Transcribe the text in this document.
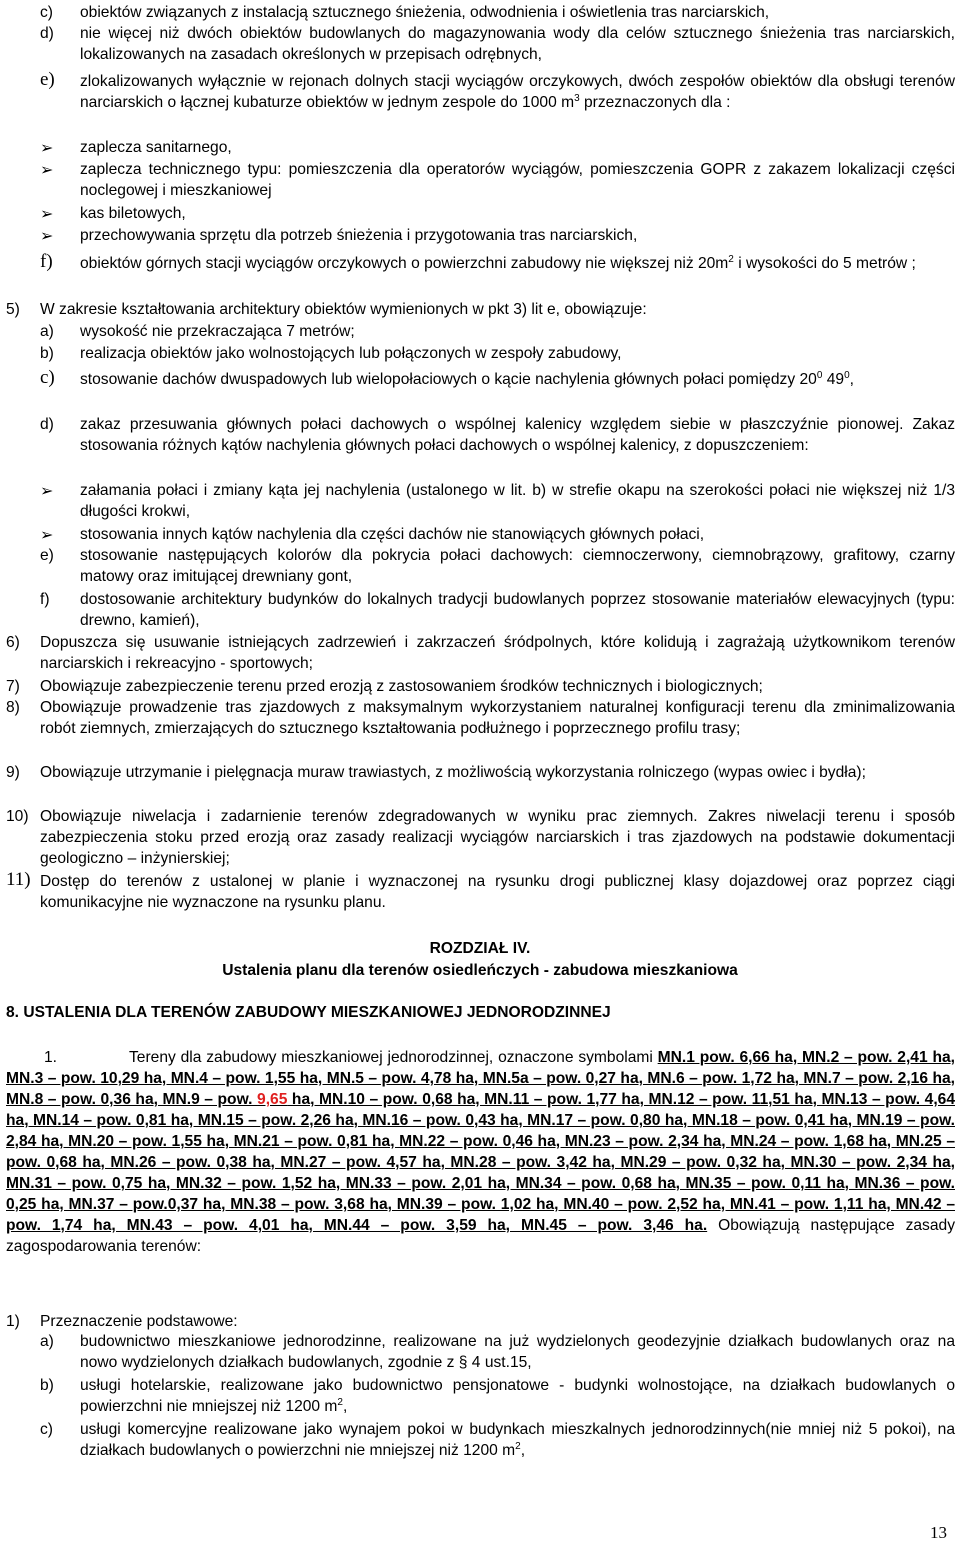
c) obiektów związanych z instalacją sztucznego śnieżenia, odwodnienia i oświetlenia tras narciarskich,
d) nie więcej niż dwóch obiektów budowlanych do magazynowania wody dla celów sztucznego śnieżenia tras narciarskich, lokalizowanych na zasadach określonych w przepisach odrębnych,
e) zlokalizowanych wyłącznie w rejonach dolnych stacji wyciągów orczykowych, dwóch zespołów obiektów dla obsługi terenów narciarskich o łącznej kubaturze obiektów w jednym zespole do 1000 $m^3$ przeznaczonych dla :
➢ zaplecza sanitarnego,
➢ zaplecza technicznego typu: pomieszczenia dla operatorów wyciągów, pomieszczenia GOPR z zakazem lokalizacji części noclegowej i mieszkaniowej
➢ kas biletowych,
➢ przechowywania sprzętu dla potrzeb śnieżenia i przygotowania tras narciarskich,
f) obiektów górnych stacji wyciągów orczykowych o powierzchni zabudowy nie większej niż $20m^2$ i wysokości do 5 metrów ;
5) W zakresie kształtowania architektury obiektów wymienionych w pkt 3) lit e, obowiązuje:
a) wysokość nie przekraczająca 7 metrów;
b) realizacja obiektów jako wolnostojących lub połączonych w zespoły zabudowy,
c) stosowanie dachów dwuspadowych lub wielopołaciowych o kącie nachylenia głównych połaci pomiędzy $20^0$ $49^0$,
d) zakaz przesuwania głównych połaci dachowych o wspólnej kalenicy względem siebie w płaszczyźnie pionowej. Zakaz stosowania różnych kątów nachylenia głównych połaci dachowych o wspólnej kalenicy, z dopuszczeniem:
➢ załamania połaci i zmiany kąta jej nachylenia (ustalonego w lit. b) w strefie okapu na szerokości połaci nie większej niż 1/3 długości krokwi,
➢ stosowania innych kątów nachylenia dla części dachów nie stanowiących głównych połaci,
e) stosowanie następujących kolorów dla pokrycia połaci dachowych: ciemnoczerwony, ciemnobrązowy, grafitowy, czarny matowy oraz imitującej drewniany gont,
f) dostosowanie architektury budynków do lokalnych tradycji budowlanych poprzez stosowanie materiałów elewacyjnych (typu: drewno, kamień),
6) Dopuszcza się usuwanie istniejących zadrzewień i zakrzaczeń śródpolnych, które kolidują i zagrażają użytkownikom terenów narciarskich i rekreacyjno - sportowych;
7) Obowiązuje zabezpieczenie terenu przed erozją z zastosowaniem środków technicznych i biologicznych;
8) Obowiązuje prowadzenie tras zjazdowych z maksymalnym wykorzystaniem naturalnej konfiguracji terenu dla zminimalizowania robót ziemnych, zmierzających do sztucznego kształtowania podłużnego i poprzecznego profilu trasy;
9) Obowiązuje utrzymanie i pielęgnacja muraw trawiastych, z możliwością wykorzystania rolniczego (wypas owiec i bydła);
10) Obowiązuje niwelacja i zadarnienie terenów zdegradowanych w wyniku prac ziemnych. Zakres niwelacji terenu i sposób zabezpieczenia stoku przed erozją oraz zasady realizacji wyciągów narciarskich i tras zjazdowych na podstawie dokumentacji geologiczno – inżynierskiej;
11) Dostęp do terenów z ustalonej w planie i wyznaczonej na rysunku drogi publicznej klasy dojazdowej oraz poprzez ciągi komunikacyjne nie wyznaczone na rysunku planu.
ROZDZIAŁ IV.
Ustalenia planu dla terenów osiedleńczych - zabudowa mieszkaniowa
8. USTALENIA DLA TERENÓW ZABUDOWY MIESZKANIOWEJ JEDNORODZINNEJ
1.	Tereny dla zabudowy mieszkaniowej jednorodzinnej, oznaczone symbolami MN.1 pow. 6,66 ha, MN.2 – pow. 2,41 ha, MN.3 – pow. 10,29 ha, MN.4 – pow. 1,55 ha, MN.5 – pow. 4,78 ha, MN.5a – pow. 0,27 ha, MN.6 – pow. 1,72 ha, MN.7 – pow. 2,16 ha, MN.8 – pow. 0,36 ha, MN.9 – pow. 9,65 ha, MN.10 – pow. 0,68 ha, MN.11 – pow. 1,77 ha, MN.12 – pow. 11,51 ha, MN.13 – pow. 4,64 ha, MN.14 – pow. 0,81 ha, MN.15 – pow. 2,26 ha, MN.16 – pow. 0,43 ha, MN.17 – pow. 0,80 ha, MN.18 – pow. 0,41 ha, MN.19 – pow. 2,84 ha, MN.20 – pow. 1,55 ha, MN.21 – pow. 0,81 ha, MN.22 – pow. 0,46 ha, MN.23 – pow. 2,34 ha, MN.24 – pow. 1,68 ha, MN.25 – pow. 0,68 ha, MN.26 – pow. 0,38 ha, MN.27 – pow. 4,57 ha, MN.28 – pow. 3,42 ha, MN.29 – pow. 0,32 ha, MN.30 – pow. 2,34 ha, MN.31 – pow. 0,75 ha, MN.32 – pow. 1,52 ha, MN.33 – pow. 2,01 ha, MN.34 – pow. 0,68 ha, MN.35 – pow. 0,11 ha, MN.36 – pow. 0,25 ha, MN.37 – pow.0,37 ha, MN.38 – pow. 3,68 ha, MN.39 – pow. 1,02 ha, MN.40 – pow. 2,52 ha, MN.41 – pow. 1,11 ha, MN.42 – pow. 1,74 ha, MN.43 – pow. 4,01 ha, MN.44 – pow. 3,59 ha, MN.45 – pow. 3,46 ha. Obowiązują następujące zasady zagospodarowania terenów:
1) Przeznaczenie podstawowe:
a) budownictwo mieszkaniowe jednorodzinne, realizowane na już wydzielonych geodezyjnie działkach budowlanych oraz na nowo wydzielonych działkach budowlanych, zgodnie z § 4 ust.15,
b) usługi hotelarskie, realizowane jako budownictwo pensjonatowe - budynki wolnostojące, na działkach budowlanych o powierzchni nie mniejszej niż 1200 $m^2$,
c) usługi komercyjne realizowane jako wynajem pokoi w budynkach mieszkalnych jednorodzinnych(nie mniej niż 5 pokoi), na działkach budowlanych o powierzchni nie mniejszej niż 1200 $m^2$,
13
